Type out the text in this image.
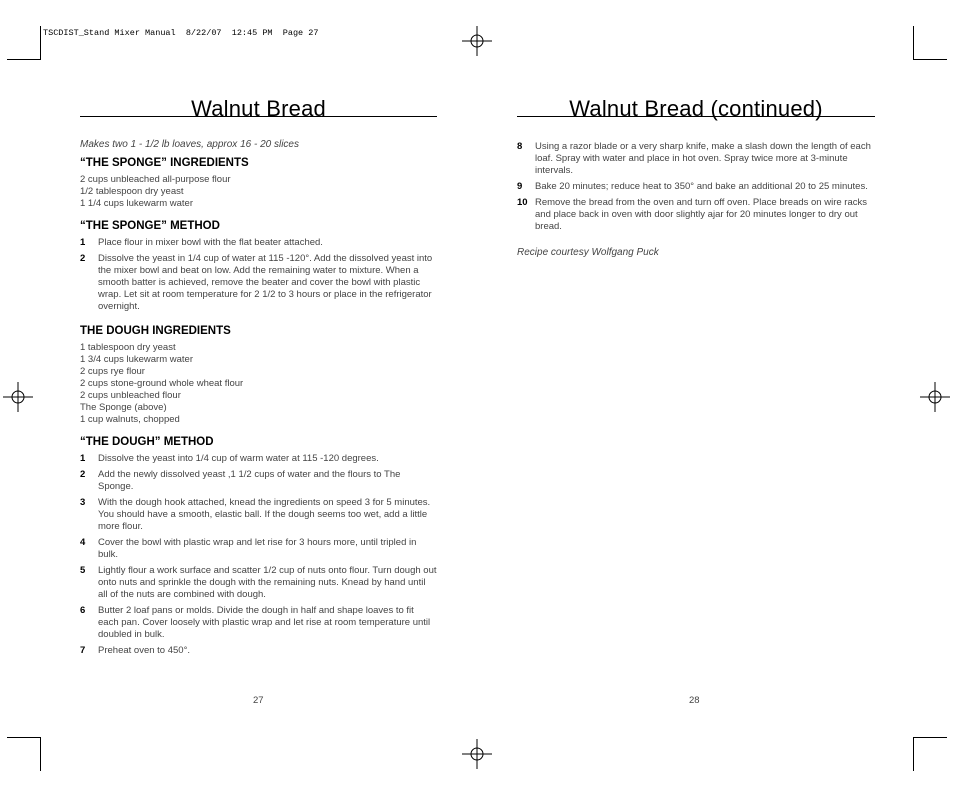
TSCDIST_Stand Mixer Manual  8/22/07  12:45 PM  Page 27
Walnut Bread
Makes two 1 - 1/2 lb loaves, approx 16 - 20 slices
“THE SPONGE” INGREDIENTS
2 cups unbleached all-purpose flour
1/2 tablespoon dry yeast
1 1/4 cups lukewarm water
“THE SPONGE” METHOD
1	Place flour in mixer bowl with the flat beater attached.
2	Dissolve the yeast in 1/4 cup of water at 115 -120°. Add the dissolved yeast into the mixer bowl and beat on low. Add the remaining water to mixture. When a smooth batter is achieved, remove the beater and cover the bowl with plastic wrap. Let sit at room temperature for 2 1/2 to 3 hours or place in the refrigerator overnight.
THE DOUGH INGREDIENTS
1 tablespoon dry yeast
1 3/4 cups lukewarm water
2 cups rye flour
2 cups stone-ground whole wheat flour
2 cups unbleached flour
The Sponge (above)
1 cup walnuts, chopped
“THE DOUGH” METHOD
1	Dissolve the yeast into 1/4 cup of warm water at 115 -120 degrees.
2	Add the newly dissolved yeast ,1 1/2 cups of water and the flours to The Sponge.
3	With the dough hook attached, knead the ingredients on speed 3 for 5 minutes. You should have a smooth, elastic ball. If the dough seems too wet, add a little more flour.
4	Cover the bowl with plastic wrap and let rise for 3 hours more, until tripled in bulk.
5	Lightly flour a work surface and scatter 1/2 cup of nuts onto flour. Turn dough out onto nuts and sprinkle the dough with the remaining nuts. Knead by hand until all of the nuts are combined with dough.
6	Butter 2 loaf pans or molds. Divide the dough in half and shape loaves to fit each pan. Cover loosely with plastic wrap and let rise at room temperature until doubled in bulk.
7	Preheat oven to 450°.
27
Walnut Bread (continued)
8	Using a razor blade or a very sharp knife, make a slash down the length of each loaf. Spray with water and place in hot oven. Spray twice more at 3-minute intervals.
9	Bake 20 minutes; reduce heat to 350° and bake an additional 20 to 25 minutes.
10 Remove the bread from the oven and turn off oven. Place breads on wire racks and place back in oven with door slightly ajar for 20 minutes longer to dry out bread.
Recipe courtesy Wolfgang Puck
28
